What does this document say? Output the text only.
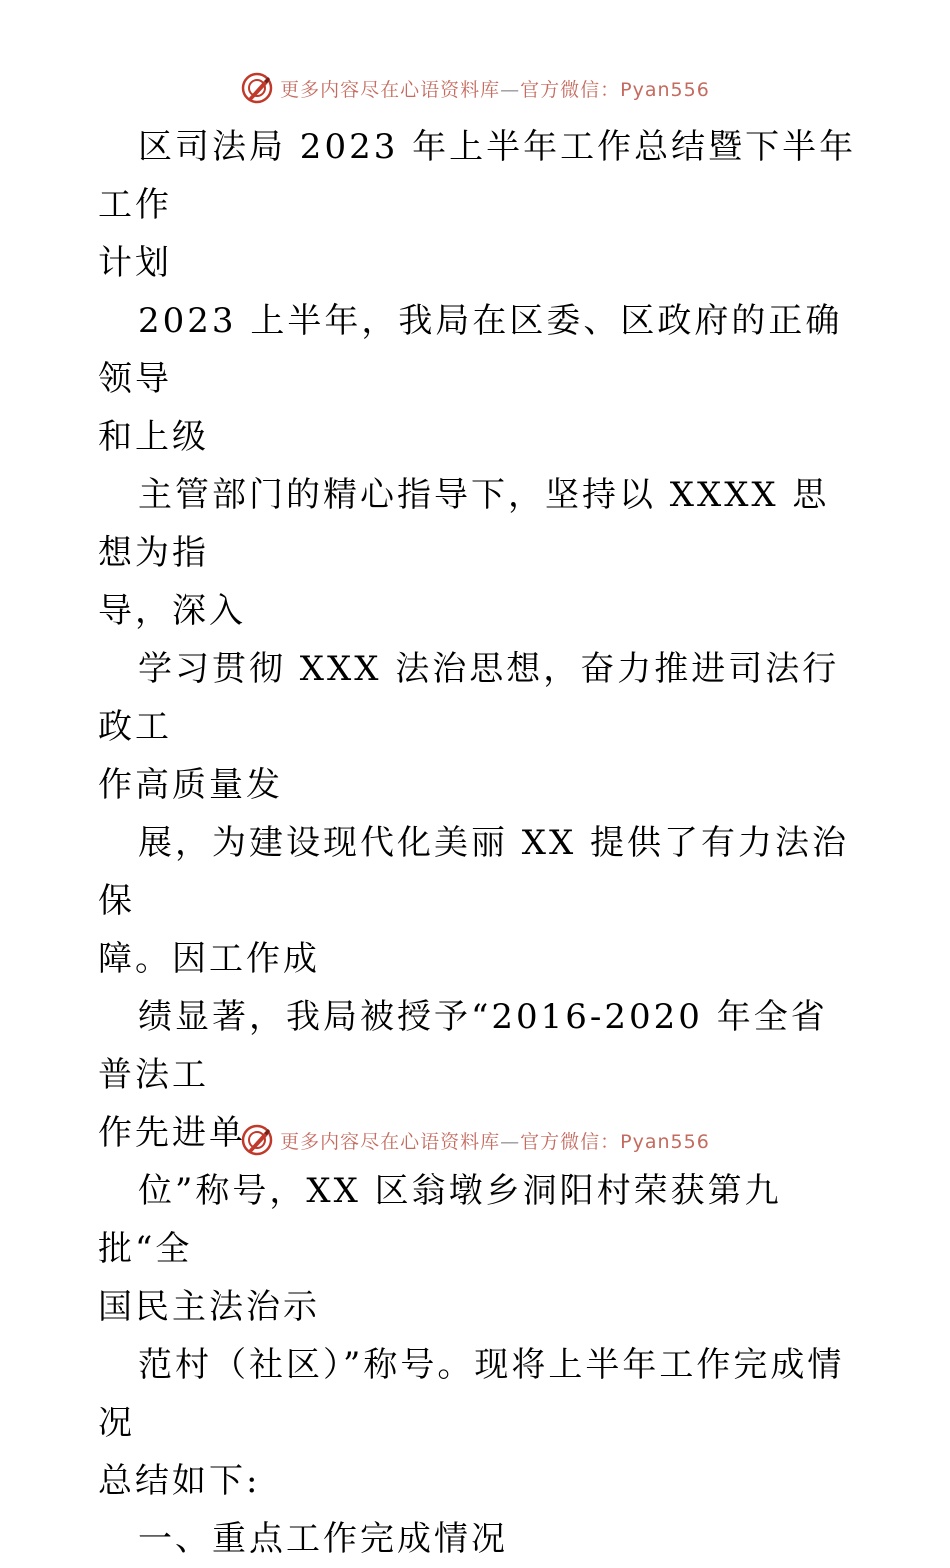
更多内容尽在心语资料库—官方微信：Pyan556

区司法局 2023 年上半年工作总结暨下半年工作

计划

2023 上半年，我局在区委、区政府的正确领导

和上级

主管部门的精心指导下，坚持以 XXXX 思想为指

导，深入

学习贯彻 XXX 法治思想，奋力推进司法行政工

作高质量发

展，为建设现代化美丽 XX 提供了有力法治保

障。因工作成

绩显著，我局被授予“2016-2020 年全省普法工

作先进单

位”称号，XX 区翁墩乡洞阳村荣获第九批“全

国民主法治示

范村（社区）”称号。现将上半年工作完成情况

总结如下:

一、重点工作完成情况

更多内容尽在心语资料库—官方微信：Pyan556
